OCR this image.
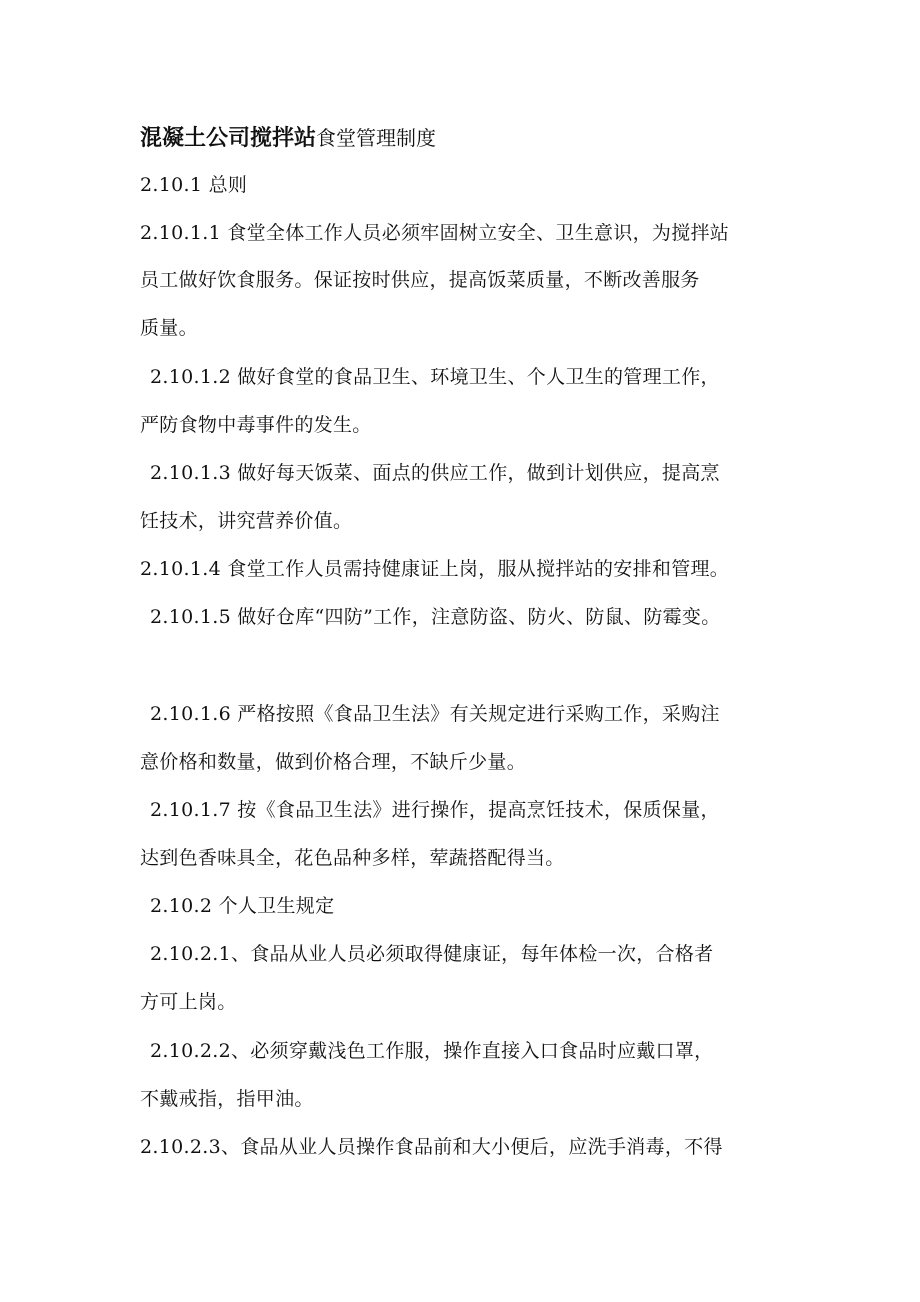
混凝土公司搅拌站食堂管理制度
2.10.1 总则
2.10.1.1 食堂全体工作人员必须牢固树立安全、卫生意识，为搅拌站
员工做好饮食服务。保证按时供应，提高饭菜质量，不断改善服务
质量。
2.10.1.2 做好食堂的食品卫生、环境卫生、个人卫生的管理工作，
严防食物中毒事件的发生。
2.10.1.3 做好每天饭菜、面点的供应工作，做到计划供应，提高烹
饪技术，讲究营养价值。
2.10.1.4 食堂工作人员需持健康证上岗，服从搅拌站的安排和管理。
2.10.1.5 做好仓库“四防”工作，注意防盗、防火、防鼠、防霉变。
2.10.1.6 严格按照《食品卫生法》有关规定进行采购工作，采购注
意价格和数量，做到价格合理，不缺斤少量。
2.10.1.7 按《食品卫生法》进行操作，提高烹饪技术，保质保量，
达到色香味具全，花色品种多样，荤蔬搭配得当。
2.10.2 个人卫生规定
2.10.2.1、食品从业人员必须取得健康证，每年体检一次，合格者
方可上岗。
2.10.2.2、必须穿戴浅色工作服，操作直接入口食品时应戴口罩，
不戴戒指，指甲油。
2.10.2.3、食品从业人员操作食品前和大小便后，应洗手消毒，不得
